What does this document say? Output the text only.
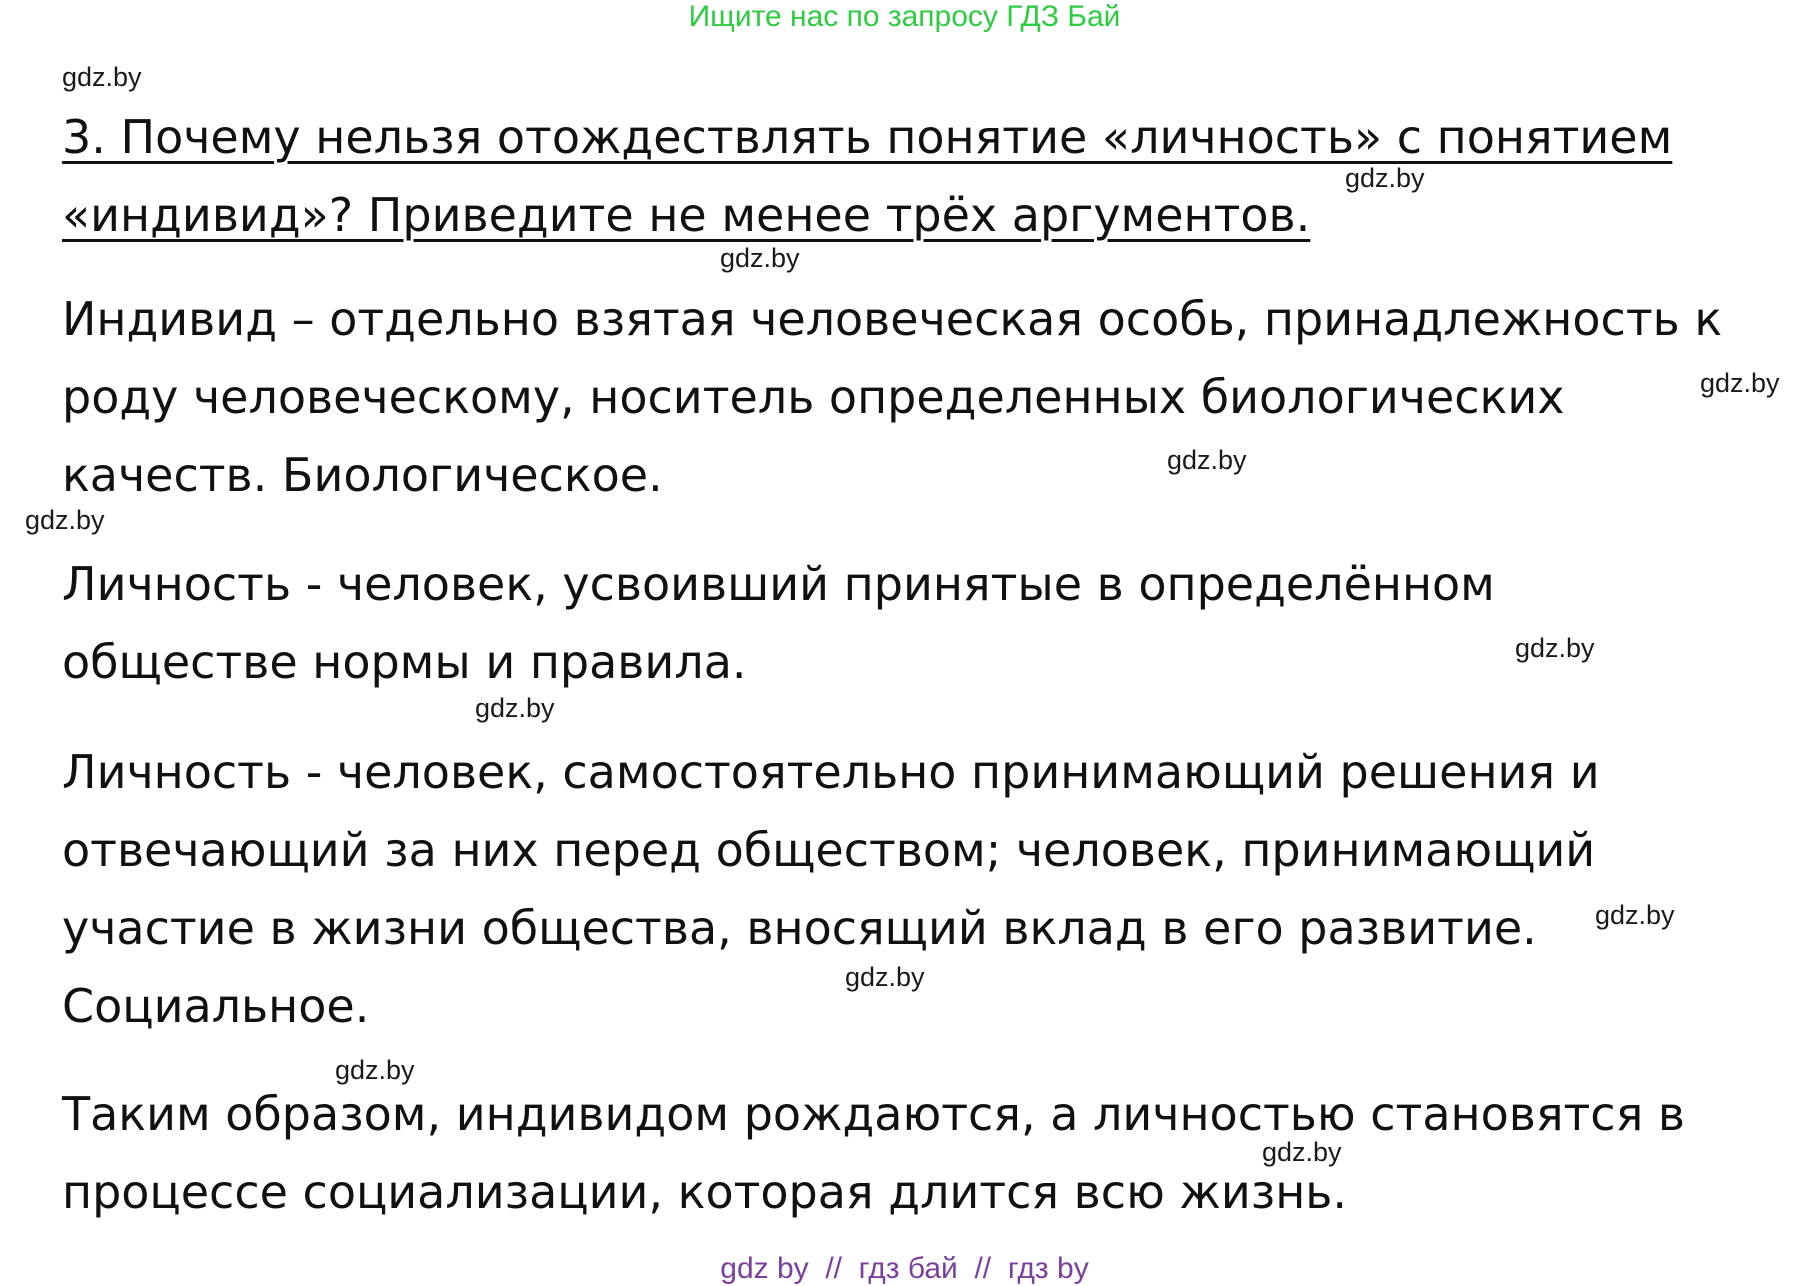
Ищите нас по запросу ГДЗ Бай
gdz.by
gdz.by
gdz.by
gdz.by
gdz.by
gdz.by
gdz.by
gdz.by
gdz.by
gdz.by
gdz.by
gdz.by
3. Почему нельзя отождествлять понятие «личность» с понятием
«индивид»? Приведите не менее трёх аргументов.

Индивид – отдельно взятая человеческая особь, принадлежность к
роду человеческому, носитель определенных биологических
качеств. Биологическое.

Личность - человек, усвоивший принятые в определённом
обществе нормы и правила.

Личность - человек, самостоятельно принимающий решения и
отвечающий за них перед обществом; человек, принимающий
участие в жизни общества, вносящий вклад в его развитие.
Социальное.

Таким образом, индивидом рождаются, а личностью становятся в
процессе социализации, которая длится всю жизнь.

gdz by  //  гдз бай  //  гдз by
